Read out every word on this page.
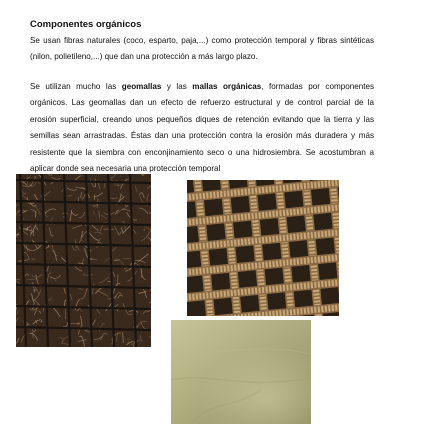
Componentes orgánicos

Se usan fibras naturales (coco, esparto, paja,...) como protección temporal y fibras sintéticas (nilon, polietileno,...) que dan una protección a más largo plazo.

Se utilizan mucho las geomallas y las mallas orgánicas, formadas por componentes orgánicos. Las geomallas dan un efecto de refuerzo estructural y de control parcial de la erosión superficial, creando unos pequeños diques de retención evitando que la tierra y las semillas sean arrastradas. Éstas dan una protección contra la erosión más duradera y más resistente que la siembra con enconjinamiento seco o una hidrosiembra. Se acostumbran a aplicar donde sea necesaria una protección temporal
